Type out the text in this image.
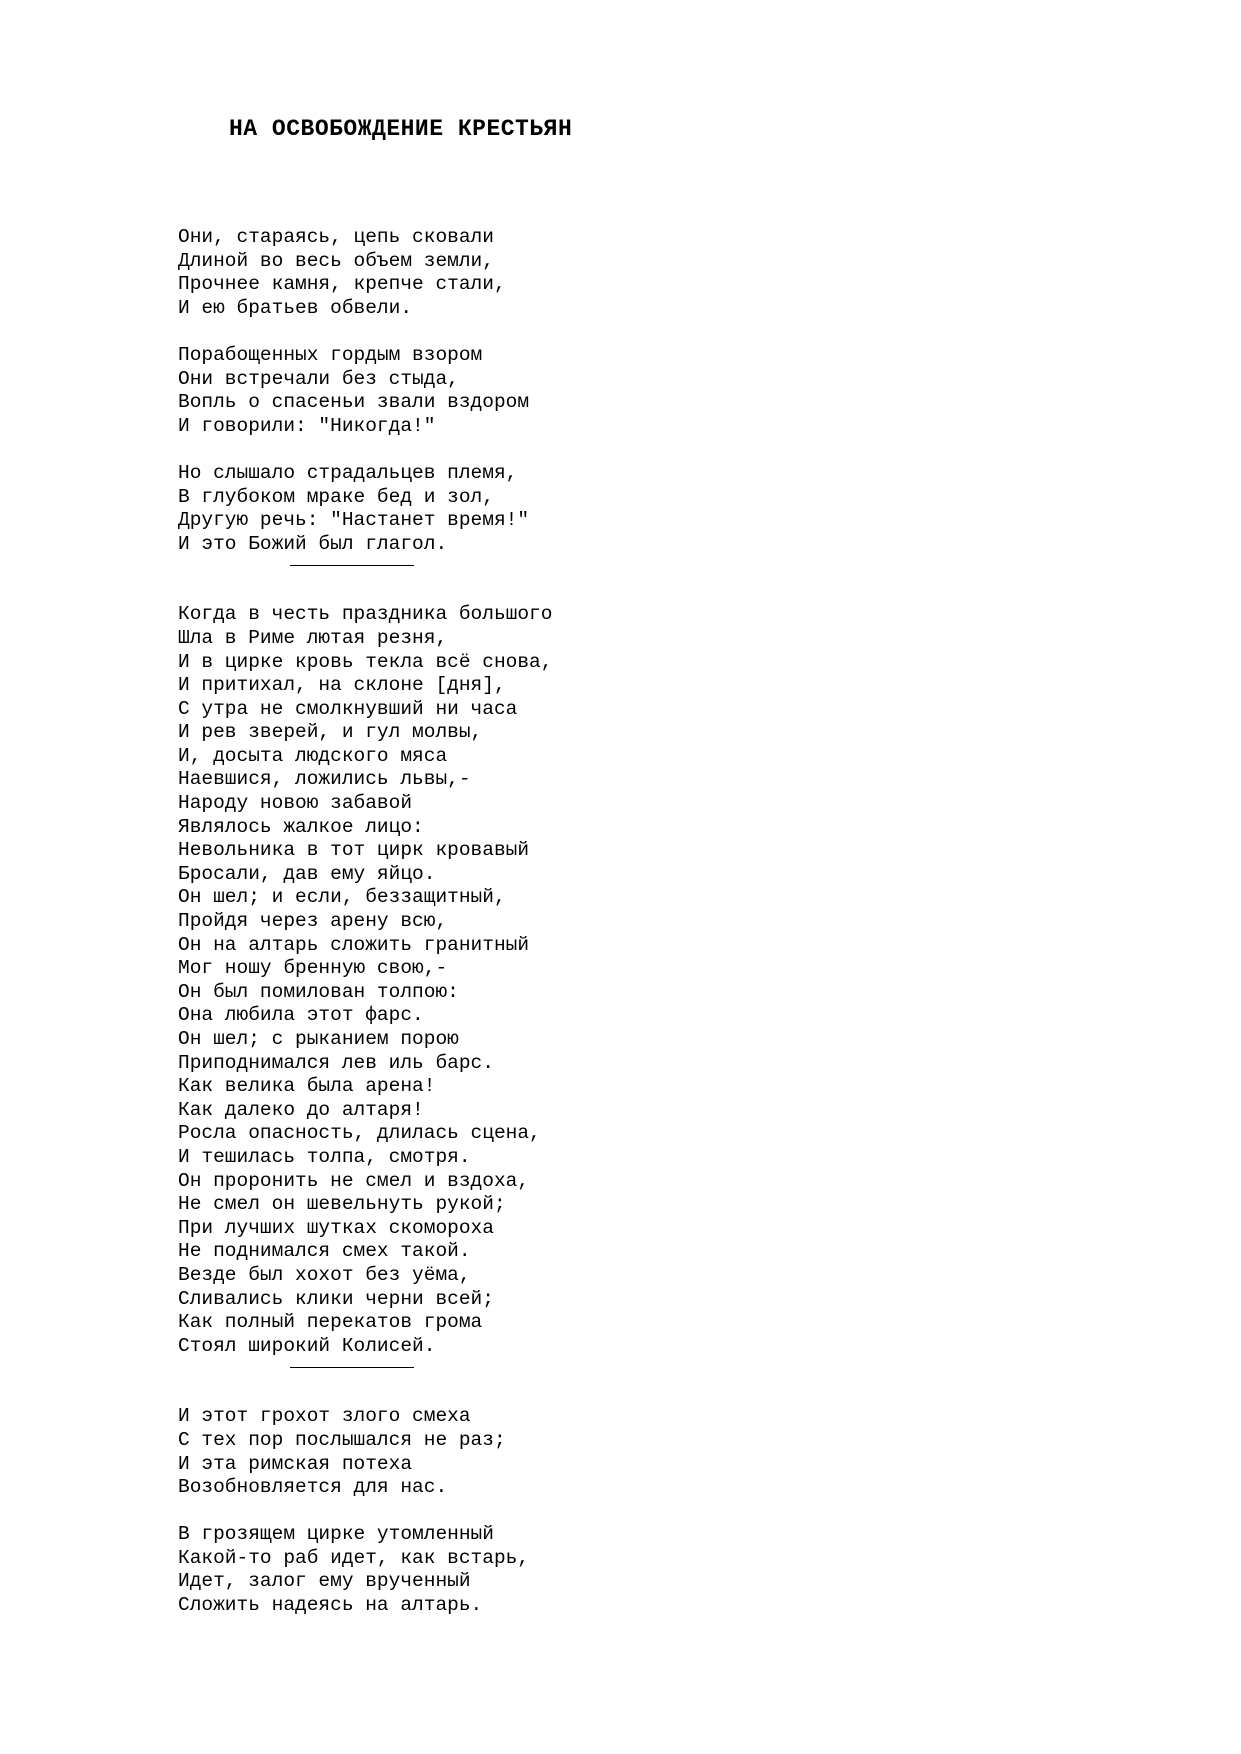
НА ОСВОБОЖДЕНИЕ КРЕСТЬЯН
Они, стараясь, цепь сковали
Длиной во весь объем земли,
Прочнее камня, крепче стали,
И ею братьев обвели.
Порабощенных гордым взором
Они встречали без стыда,
Вопль о спасеньи звали вздором
И говорили: "Никогда!"
Но слышало страдальцев племя,
В глубоком мраке бед и зол,
Другую речь: "Настанет время!"
И это Божий был глагол.
Когда в честь праздника большого
Шла в Риме лютая резня,
И в цирке кровь текла всё снова,
И притихал, на склоне [дня],
С утра не смолкнувший ни часа
И рев зверей, и гул молвы,
И, досыта людского мяса
Наевшися, ложились львы,-
Народу новою забавой
Являлось жалкое лицо:
Невольника в тот цирк кровавый
Бросали, дав ему яйцо.
Он шел; и если, беззащитный,
Пройдя через арену всю,
Он на алтарь сложить гранитный
Мог ношу бренную свою,-
Он был помилован толпою:
Она любила этот фарс.
Он шел; с рыканием порою
Приподнимался лев иль барс.
Как велика была арена!
Как далеко до алтаря!
Росла опасность, длилась сцена,
И тешилась толпа, смотря.
Он проронить не смел и вздоха,
Не смел он шевельнуть рукой;
При лучших шутках скомороха
Не поднимался смех такой.
Везде был хохот без уёма,
Сливались клики черни всей;
Как полный перекатов грома
Стоял широкий Колисей.
И этот грохот злого смеха
С тех пор послышался не раз;
И эта римская потеха
Возобновляется для нас.
В грозящем цирке утомленный
Какой-то раб идет, как встарь,
Идет, залог ему врученный
Сложить надеясь на алтарь.
